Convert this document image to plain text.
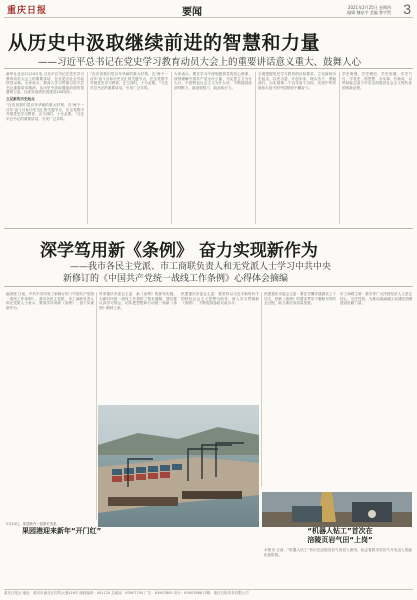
重庆日报	要闻	2021年2月25日 星期四
编辑 魏星宇 美编 曾宇然 3
从历史中汲取继续前进的智慧和力量
——习近平总书记在党史学习教育动员大会上的重要讲话意义重大、鼓舞人心
新华社北京2月24日电 习近平总书记在党史学习教育动员大会上的重要讲话，在全党全社会引起热烈反响。大家表示，要深入学习贯彻习近平总书记重要讲话精神，从历史中汲取继续前进的智慧和力量，以优异成绩庆祝建党100周年。
立足新的历史起点
“在庆祝我们党百年华诞的重大时刻，在‘两个一百年’奋斗目标历史交汇的关键节点，在全党集中开展党史学习教育，正当其时，十分必要。”习近平总书记的重要讲话，引发广泛共鸣。
“在庆祝我们党百年华诞的重大时刻，在‘两个一百年’奋斗目标历史交汇的关键节点，在全党集中开展党史学习教育，正当其时，十分必要。”习近平总书记的重要讲话，引发广泛共鸣。
大家表示，要在学习中深刻感悟党的初心使命，深刻理解中国共产党为什么能、马克思主义为什么行、中国特色社会主义为什么好，不断提高政治判断力、政治领悟力、政治执行力。
全面把握党史学习教育的目标要求，立足新的历史起点，以史为鉴、开创未来，埋头苦干、勇毅前行，为实现第二个百年奋斗目标、实现中华民族伟大复兴的中国梦而不懈奋斗。
学史明理、学史增信、学史崇德、学史力行，学党史、悟思想、办实事、开新局，以昂扬姿态奋力开启全面建设社会主义现代化国家新征程。
深学笃用新《条例》 奋力实现新作为
——我市各民主党派、市工商联负责人和无党派人士学习中共中央
新修订的《中国共产党统一战线工作条例》心得体会摘编
编者按 日前，中共中央印发了新修订的《中国共产党统一战线工作条例》。我市各民主党派、市工商联负责人和无党派人士表示，要深学笃用新《条例》，奋力实现新作为。
民革重庆市委会主委：新《条例》的颁布实施，为新时代统一战线工作提供了根本遵循，我们要认真学习领会，切实把思想和行动统一到新《条例》精神上来。
民盟重庆市委会主委：要坚持以习近平新时代中国特色社会主义思想为指导，深入学习贯彻新《条例》，不断提高参政议政水平。
民建重庆市委会主委：要在学懂弄通做实上下功夫，把新《条例》的要求贯穿于履职尽责的全过程，助力重庆高质量发展。
市工商联主席：要引导广大民营经济人士坚定信心、守法经营，为推动成渝地区双城经济圈建设贡献力量。
2月24日，果园港内一派繁忙景象。
果园港迎来新年“开门红”	“机器人钻工”首次在
涪陵页岩气田“上岗”
本报讯 日前，“机器人钻工”首次在涪陵页岩气田投入使用，标志着我市页岩气开发迈入智能化新阶段。
重庆日报社 地址：重庆市渝北区同茂大道416号 邮政编码：401120 总编室：63907700 广告：63907800 发行：63907888 印刷：重庆日报印务有限公司
